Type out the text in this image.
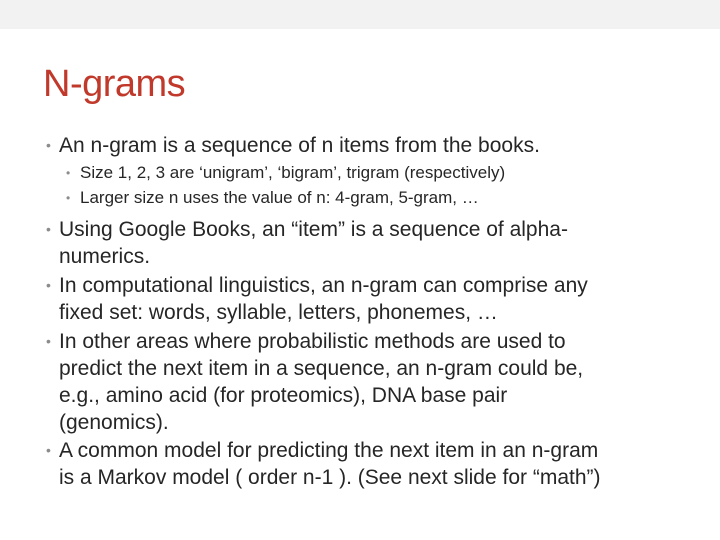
N-grams
• An n-gram is a sequence of n items from the books.
• Size 1, 2, 3 are ‘unigram’, ‘bigram’, trigram (respectively)
• Larger size n uses the value of n: 4-gram, 5-gram, …
• Using Google Books, an “item” is a sequence of alpha-
numerics.
• In computational linguistics, an n-gram can comprise any
fixed set: words, syllable, letters, phonemes, …
• In other areas where probabilistic methods are used to
predict the next item in a sequence, an n-gram could be,
e.g., amino acid (for proteomics), DNA base pair
(genomics).
• A common model for predicting the next item in an n-gram
is a Markov model ( order n-1 ). (See next slide for “math”)
